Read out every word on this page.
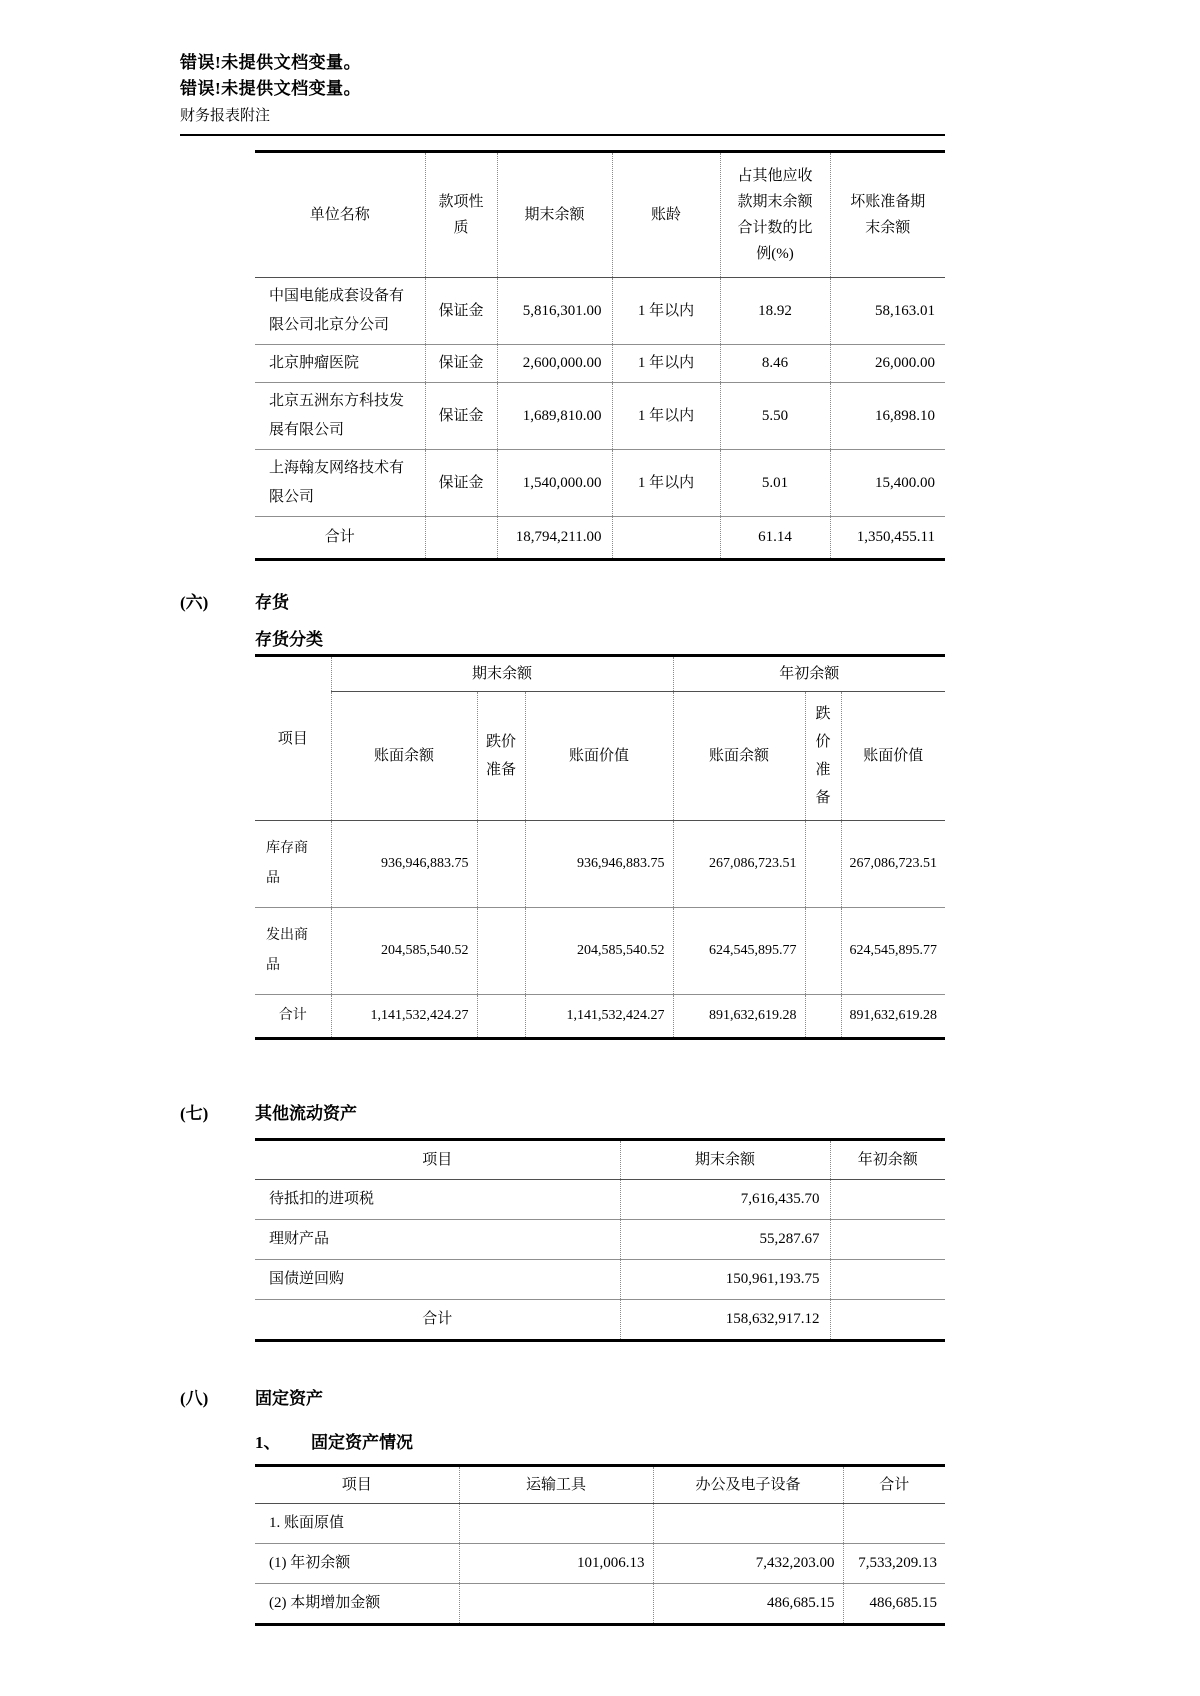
错误!未提供文档变量。
错误!未提供文档变量。
财务报表附注
单位名称	款项性质	期末余额	账龄	占其他应收款期末余额合计数的比例(%)	坏账准备期末余额
中国电能成套设备有限公司北京分公司	保证金	5,816,301.00	1 年以内	18.92	58,163.01
北京肿瘤医院	保证金	2,600,000.00	1 年以内	8.46	26,000.00
北京五洲东方科技发展有限公司	保证金	1,689,810.00	1 年以内	5.50	16,898.10
上海翰友网络技术有限公司	保证金	1,540,000.00	1 年以内	5.01	15,400.00
合计		18,794,211.00		61.14	1,350,455.11
(六)	存货
存货分类
项目	期末余额			年初余额		
	账面余额	跌价准备	账面价值	账面余额	跌价准备	账面价值
库存商品	936,946,883.75		936,946,883.75	267,086,723.51		267,086,723.51
发出商品	204,585,540.52		204,585,540.52	624,545,895.77		624,545,895.77
合计	1,141,532,424.27		1,141,532,424.27	891,632,619.28		891,632,619.28
(七)	其他流动资产
项目	期末余额	年初余额
待抵扣的进项税	7,616,435.70	
理财产品	55,287.67	
国债逆回购	150,961,193.75	
合计	158,632,917.12	
(八)	固定资产
1、	固定资产情况
项目	运输工具	办公及电子设备	合计
1. 账面原值			
(1) 年初余额	101,006.13	7,432,203.00	7,533,209.13
(2) 本期增加金额		486,685.15	486,685.15
